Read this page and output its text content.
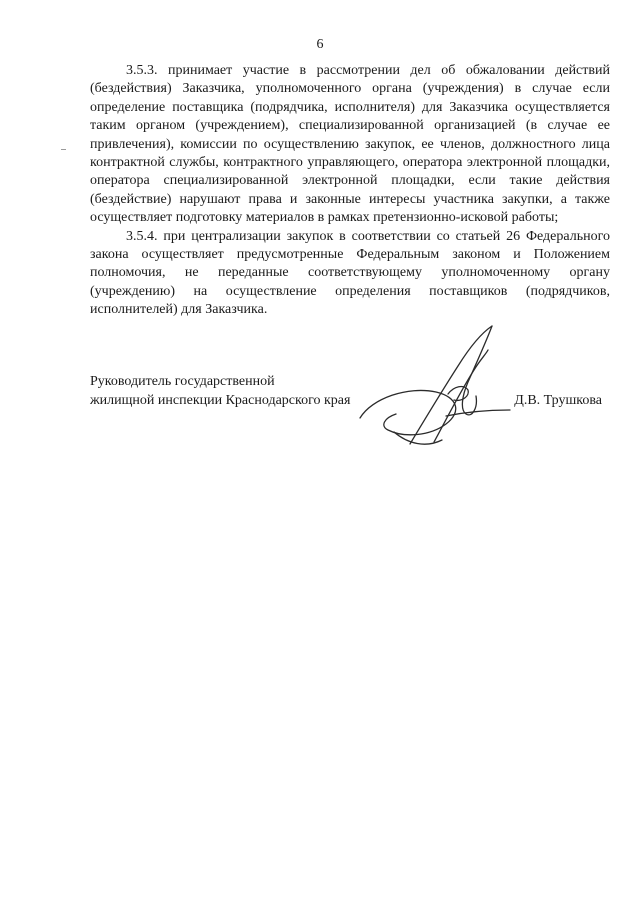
6

3.5.3. принимает участие в рассмотрении дел об обжаловании действий (бездействия) Заказчика, уполномоченного органа (учреждения) в случае если определение поставщика (подрядчика, исполнителя) для Заказчика осуществляется таким органом (учреждением), специализированной организацией (в случае ее привлечения), комиссии по осуществлению закупок, ее членов, должностного лица контрактной службы, контрактного управляющего, оператора электронной площадки, оператора специализированной электронной площадки, если такие действия (бездействие) нарушают права и законные интересы участника закупки, а также осуществляет подготовку материалов в рамках претензионно-исковой работы;

3.5.4. при централизации закупок в соответствии со статьей 26 Федерального закона осуществляет предусмотренные Федеральным законом и Положением полномочия, не переданные соответствующему уполномоченному органу (учреждению) на осуществление определения поставщиков (подрядчиков, исполнителей) для Заказчика.

Руководитель государственной
жилищной инспекции Краснодарского края	Д.В. Трушкова
